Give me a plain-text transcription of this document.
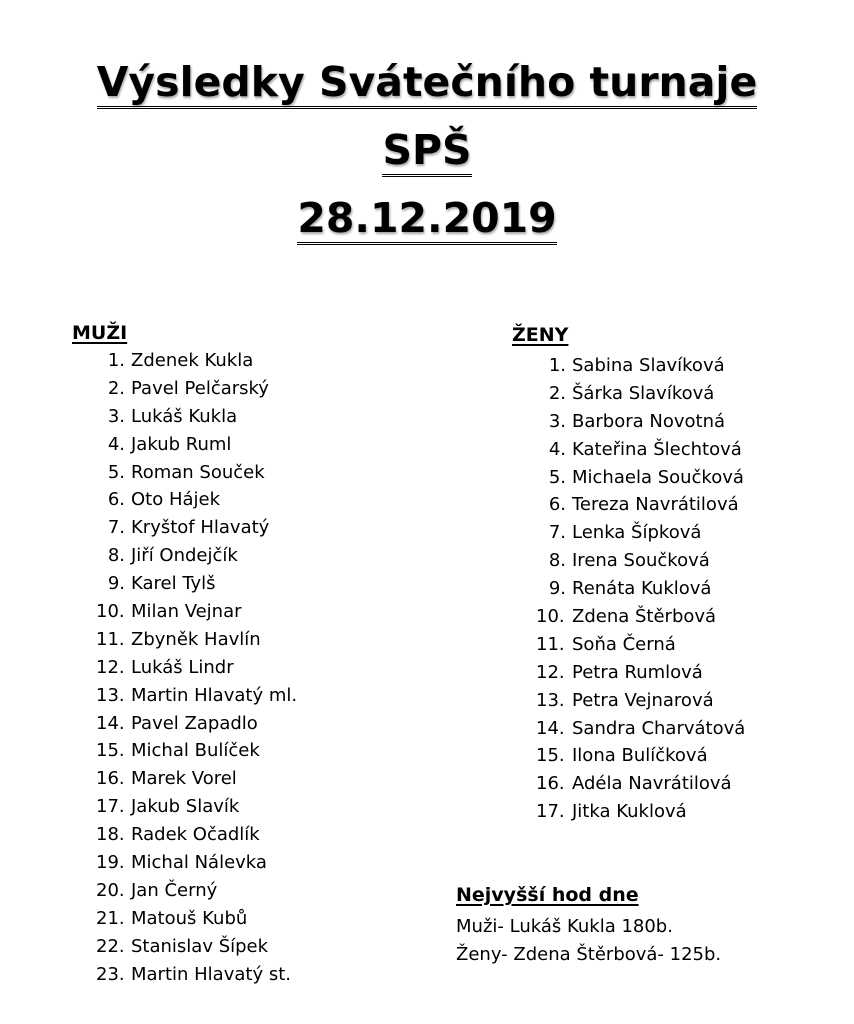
Výsledky Svátečního turnaje
SPŠ
28.12.2019
MUŽI
1. Zdenek Kukla
2. Pavel Pelčarský
3. Lukáš Kukla
4. Jakub Ruml
5. Roman Souček
6. Oto Hájek
7. Kryštof Hlavatý
8. Jiří Ondejčík
9. Karel Tylš
10. Milan Vejnar
11. Zbyněk Havlín
12. Lukáš Lindr
13. Martin Hlavatý ml.
14. Pavel Zapadlo
15. Michal Bulíček
16. Marek Vorel
17. Jakub Slavík
18. Radek Očadlík
19. Michal Nálevka
20. Jan Černý
21. Matouš Kubů
22. Stanislav Šípek
23. Martin Hlavatý st.
ŽENY
1. Sabina Slavíková
2. Šárka Slavíková
3. Barbora Novotná
4. Kateřina Šlechtová
5. Michaela Součková
6. Tereza Navrátilová
7. Lenka Šípková
8. Irena Součková
9. Renáta Kuklová
10. Zdena Štěrbová
11. Soňa Černá
12. Petra Rumlová
13. Petra Vejnarová
14. Sandra Charvátová
15. Ilona Bulíčková
16. Adéla Navrátilová
17. Jitka Kuklová
Nejvyšší hod dne
Muži- Lukáš Kukla 180b.
Ženy- Zdena Štěrbová- 125b.
